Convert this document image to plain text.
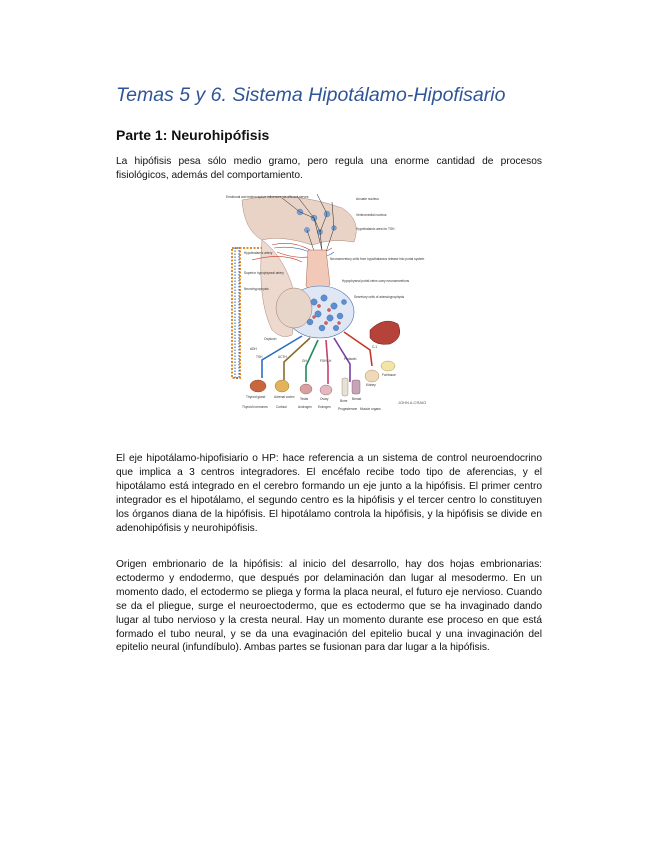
Temas 5 y 6. Sistema Hipotálamo-Hipofisario
Parte 1: Neurohipófisis

La hipófisis pesa sólo medio gramo, pero regula una enorme cantidad de procesos fisiológicos, además del comportamiento.

Emotional and exteroceptive influences via afferent nerves	Arcuate nucleus
Ventromedial nucleus
Hypothalamic area for TSH
Hypothalamic artery
Superior hypophyseal artery
Neurohypophysis
Neurosecretory cells from hypothalamus release into portal system
Hypophyseal portal veins carry neurosecretions
Secretory cells of adenohypophysis
Oxytocin
ADH
TSH	ACTH
GH	FSH LH	Prolactin
C-1
Thyroid gland	Adrenal cortex Testis	Ovary	Bone Breast
Kidney
Fat tissue
Thyroid hormones	Cortisol	Androgen Estrogen Progesterone Muscle organs
JOHN A.CRAIG

El eje hipotálamo-hipofisiario o HP: hace referencia a un sistema de control neuroendocrino que implica a 3 centros integradores. El encéfalo recibe todo tipo de aferencias, y el hipotálamo está integrado en el cerebro formando un eje junto a la hipófisis. El primer centro integrador es el hipotálamo, el segundo centro es la hipófisis y el tercer centro lo constituyen los órganos diana de la hipófisis. El hipotálamo controla la hipófisis, y la hipófisis se divide en adenohipófisis y neurohipófisis.

Origen embrionario de la hipófisis: al inicio del desarrollo, hay dos hojas embrionarias: ectodermo y endodermo, que después por delaminación dan lugar al mesodermo. En un momento dado, el ectodermo se pliega y forma la placa neural, el futuro eje nervioso. Cuando se da el pliegue, surge el neuroectodermo, que es ectodermo que se ha invaginado dando lugar al tubo nervioso y la cresta neural. Hay un momento durante ese proceso en que está formado el tubo neural, y se da una evaginación del epitelio bucal y una invaginación del epitelio neural (infundíbulo). Ambas partes se fusionan para dar lugar a la hipófisis.
